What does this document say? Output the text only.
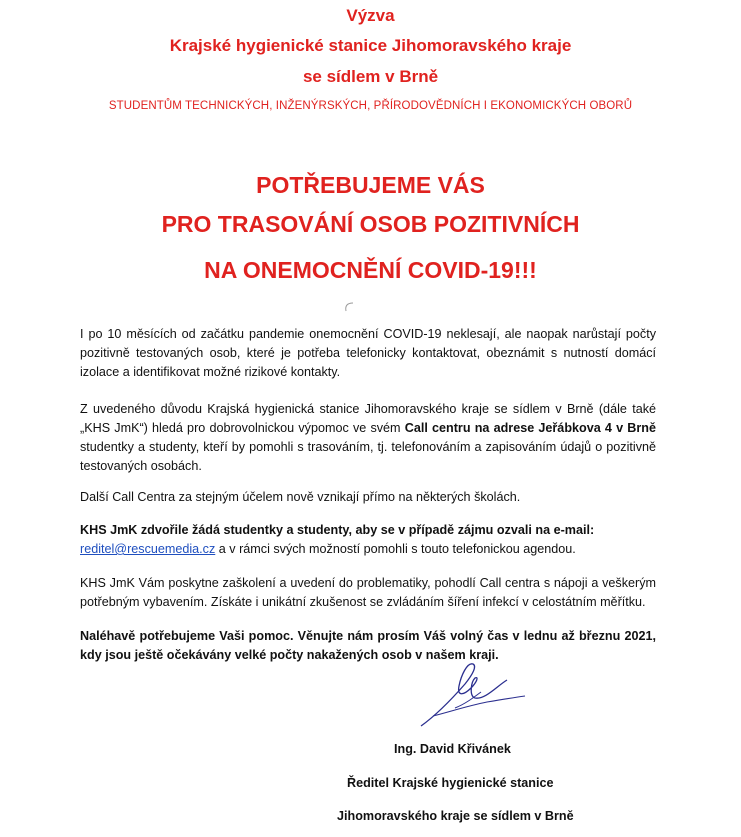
Výzva
Krajské hygienické stanice Jihomoravského kraje
se sídlem v Brně
STUDENTŮM TECHNICKÝCH, INŽENÝRSKÝCH, PŘÍRODOVĚDNÍCH I EKONOMICKÝCH OBORŮ
POTŘEBUJEME VÁS
PRO TRASOVÁNÍ OSOB POZITIVNÍCH
NA ONEMOCNĚNÍ COVID-19!!!
I po 10 měsících od začátku pandemie onemocnění COVID-19 neklesají, ale naopak narůstají počty pozitivně testovaných osob, které je potřeba telefonicky kontaktovat, obeznámit s nutností domácí izolace a identifikovat možné rizikové kontakty.
Z uvedeného důvodu Krajská hygienická stanice Jihomoravského kraje se sídlem v Brně (dále také „KHS JmK“) hledá pro dobrovolnickou výpomoc ve svém Call centru na adrese Jeřábkova 4 v Brně studentky a studenty, kteří by pomohli s trasováním, tj. telefonováním a zapisováním údajů o pozitivně testovaných osobách.
Další Call Centra za stejným účelem nově vznikají přímo na některých školách.
KHS JmK zdvořile žádá studentky a studenty, aby se v případě zájmu ozvali na e-mail:
reditel@rescuemedia.cz a v rámci svých možností pomohli s touto telefonickou agendou.
KHS JmK Vám poskytne zaškolení a uvedení do problematiky, pohodlí Call centra s nápoji a veškerým potřebným vybavením. Získáte i unikátní zkušenost se zvládáním šíření infekcí v celostátním měřítku.
Naléhavě potřebujeme Vaši pomoc. Věnujte nám prosím Váš volný čas v lednu až březnu 2021, kdy jsou ještě očekávány velké počty nakažených osob v našem kraji.
Ing. David Křivánek
Ředitel Krajské hygienické stanice
Jihomoravského kraje se sídlem v Brně
